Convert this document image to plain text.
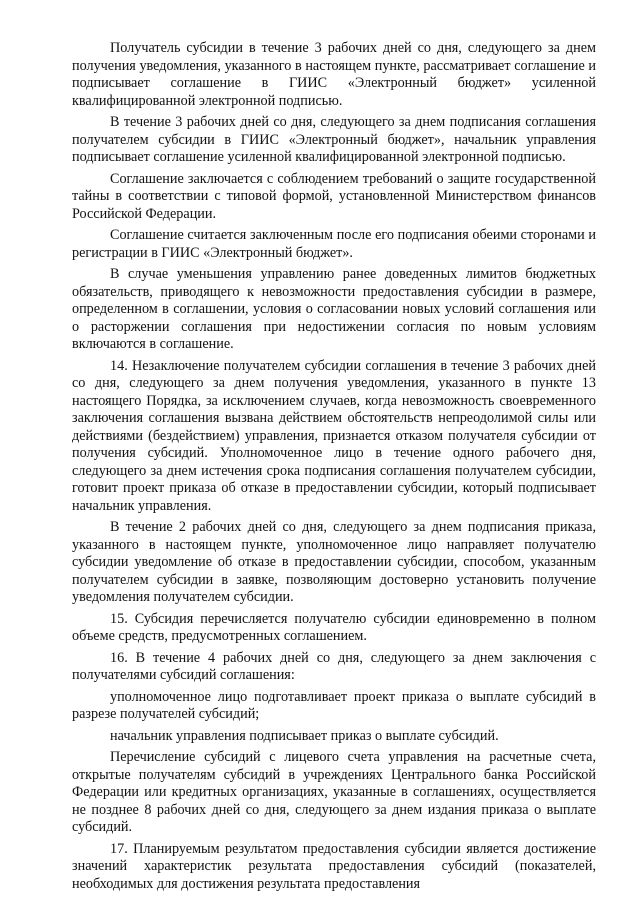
Получатель субсидии в течение 3 рабочих дней со дня, следующего за днем получения уведомления, указанного в настоящем пункте, рассматривает соглашение и подписывает соглашение в ГИИС «Электронный бюджет» усиленной квалифицированной электронной подписью.

В течение 3 рабочих дней со дня, следующего за днем подписания соглашения получателем субсидии в ГИИС «Электронный бюджет», начальник управления подписывает соглашение усиленной квалифицированной электронной подписью.

Соглашение заключается с соблюдением требований о защите государственной тайны в соответствии с типовой формой, установленной Министерством финансов Российской Федерации.

Соглашение считается заключенным после его подписания обеими сторонами и регистрации в ГИИС «Электронный бюджет».

В случае уменьшения управлению ранее доведенных лимитов бюджетных обязательств, приводящего к невозможности предоставления субсидии в размере, определенном в соглашении, условия о согласовании новых условий соглашения или о расторжении соглашения при недостижении согласия по новым условиям включаются в соглашение.

14. Незаключение получателем субсидии соглашения в течение 3 рабочих дней со дня, следующего за днем получения уведомления, указанного в пункте 13 настоящего Порядка, за исключением случаев, когда невозможность своевременного заключения соглашения вызвана действием обстоятельств непреодолимой силы или действиями (бездействием) управления, признается отказом получателя субсидии от получения субсидий. Уполномоченное лицо в течение одного рабочего дня, следующего за днем истечения срока подписания соглашения получателем субсидии, готовит проект приказа об отказе в предоставлении субсидии, который подписывает начальник управления.

В течение 2 рабочих дней со дня, следующего за днем подписания приказа, указанного в настоящем пункте, уполномоченное лицо направляет получателю субсидии уведомление об отказе в предоставлении субсидии, способом, указанным получателем субсидии в заявке, позволяющим достоверно установить получение уведомления получателем субсидии.

15. Субсидия перечисляется получателю субсидии единовременно в полном объеме средств, предусмотренных соглашением.

16. В течение 4 рабочих дней со дня, следующего за днем заключения с получателями субсидий соглашения:

уполномоченное лицо подготавливает проект приказа о выплате субсидий в разрезе получателей субсидий;

начальник управления подписывает приказ о выплате субсидий.

Перечисление субсидий с лицевого счета управления на расчетные счета, открытые получателям субсидий в учреждениях Центрального банка Российской Федерации или кредитных организациях, указанные в соглашениях, осуществляется не позднее 8 рабочих дней со дня, следующего за днем издания приказа о выплате субсидий.

17. Планируемым результатом предоставления субсидии является достижение значений характеристик результата предоставления субсидий (показателей, необходимых для достижения результата предоставления
